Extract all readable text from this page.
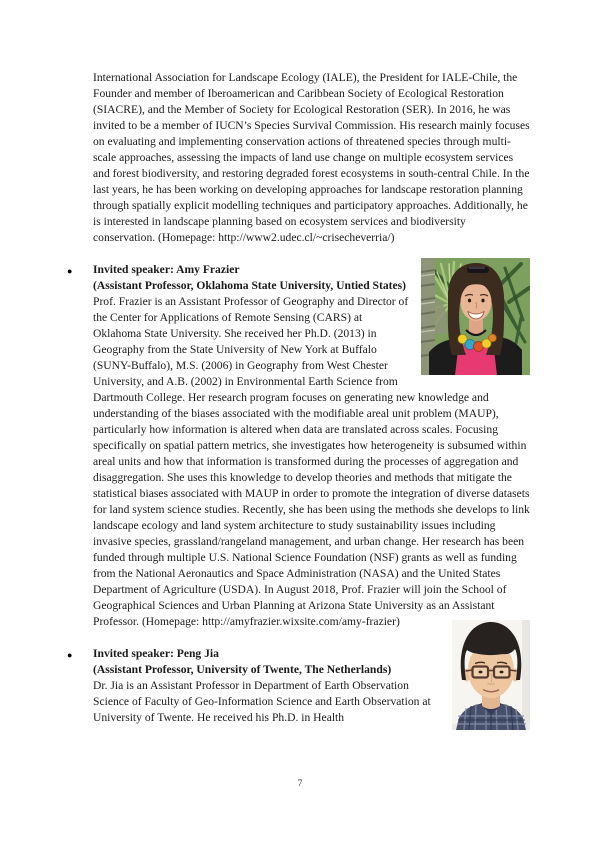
International Association for Landscape Ecology (IALE), the President for IALE-Chile, the Founder and member of Iberoamerican and Caribbean Society of Ecological Restoration (SIACRE), and the Member of Society for Ecological Restoration (SER). In 2016, he was invited to be a member of IUCN’s Species Survival Commission. His research mainly focuses on evaluating and implementing conservation actions of threatened species through multi-scale approaches, assessing the impacts of land use change on multiple ecosystem services and forest biodiversity, and restoring degraded forest ecosystems in south-central Chile. In the last years, he has been working on developing approaches for landscape restoration planning through spatially explicit modelling techniques and participatory approaches. Additionally, he is interested in landscape planning based on ecosystem services and biodiversity conservation. (Homepage: http://www2.udec.cl/~crisecheverria/)
● Invited speaker: Amy Frazier
(Assistant Professor, Oklahoma State University, Untied States)
Prof. Frazier is an Assistant Professor of Geography and Director of the Center for Applications of Remote Sensing (CARS) at Oklahoma State University. She received her Ph.D. (2013) in Geography from the State University of New York at Buffalo (SUNY-Buffalo), M.S. (2006) in Geography from West Chester University, and A.B. (2002) in Environmental Earth Science from Dartmouth College. Her research program focuses on generating new knowledge and understanding of the biases associated with the modifiable areal unit problem (MAUP), particularly how information is altered when data are translated across scales. Focusing specifically on spatial pattern metrics, she investigates how heterogeneity is subsumed within areal units and how that information is transformed during the processes of aggregation and disaggregation. She uses this knowledge to develop theories and methods that mitigate the statistical biases associated with MAUP in order to promote the integration of diverse datasets for land system science studies. Recently, she has been using the methods she develops to link landscape ecology and land system architecture to study sustainability issues including invasive species, grassland/rangeland management, and urban change. Her research has been funded through multiple U.S. National Science Foundation (NSF) grants as well as funding from the National Aeronautics and Space Administration (NASA) and the United States Department of Agriculture (USDA). In August 2018, Prof. Frazier will join the School of Geographical Sciences and Urban Planning at Arizona State University as an Assistant Professor. (Homepage: http://amyfrazier.wixsite.com/amy-frazier)
● Invited speaker: Peng Jia
(Assistant Professor, University of Twente, The Netherlands)
Dr. Jia is an Assistant Professor in Department of Earth Observation Science of Faculty of Geo-Information Science and Earth Observation at University of Twente. He received his Ph.D. in Health
7
